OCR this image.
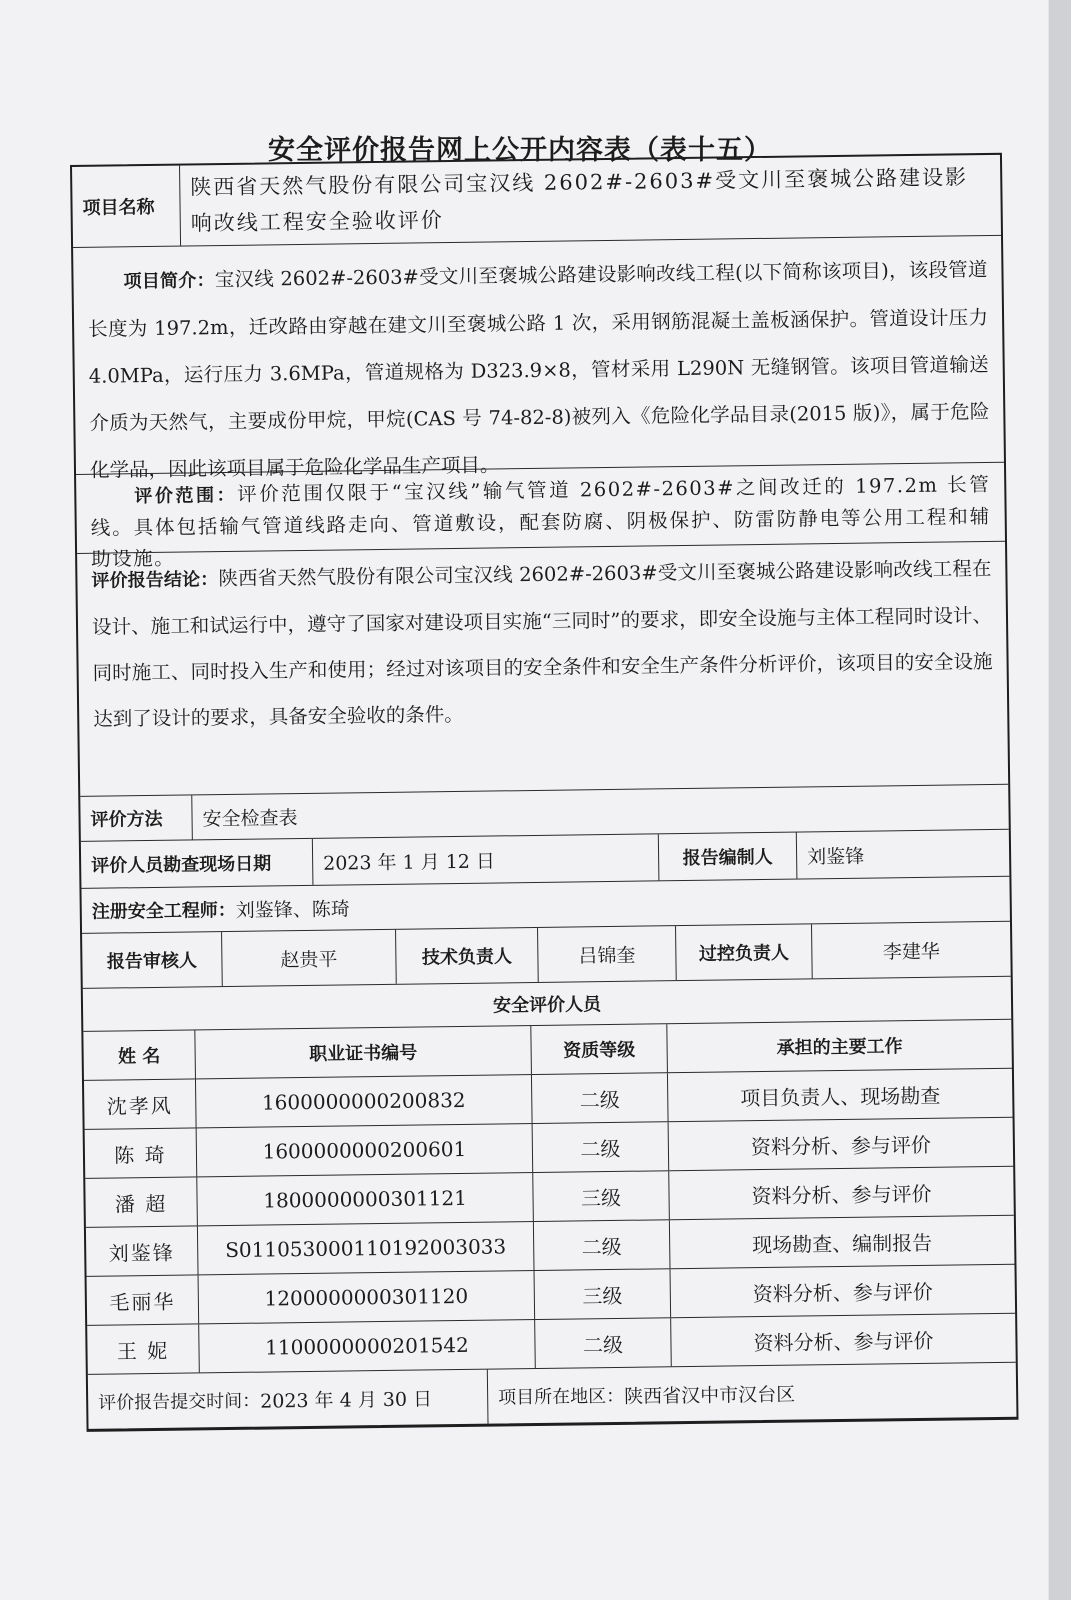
安全评价报告网上公开内容表（表十五）
项目名称
陕西省天然气股份有限公司宝汉线 2602#-2603#受文川至褒城公路建设影响改线工程安全验收评价
项目简介：宝汉线 2602#-2603#受文川至褒城公路建设影响改线工程(以下简称该项目)，该段管道长度为 197.2m，迁改路由穿越在建文川至褒城公路 1 次，采用钢筋混凝土盖板涵保护。管道设计压力 4.0MPa，运行压力 3.6MPa，管道规格为 D323.9×8，管材采用 L290N 无缝钢管。该项目管道输送介质为天然气，主要成份甲烷，甲烷(CAS 号 74-82-8)被列入《危险化学品目录(2015 版)》，属于危险化学品，因此该项目属于危险化学品生产项目。
评价范围：评价范围仅限于“宝汉线”输气管道 2602#-2603#之间改迁的 197.2m 长管线。具体包括输气管道线路走向、管道敷设，配套防腐、阴极保护、防雷防静电等公用工程和辅助设施。
评价报告结论：陕西省天然气股份有限公司宝汉线 2602#-2603#受文川至褒城公路建设影响改线工程在设计、施工和试运行中，遵守了国家对建设项目实施“三同时”的要求，即安全设施与主体工程同时设计、同时施工、同时投入生产和使用；经过对该项目的安全条件和安全生产条件分析评价，该项目的安全设施达到了设计的要求，具备安全验收的条件。
评价方法	安全检查表
评价人员勘查现场日期	2023 年 1 月 12 日	报告编制人	刘鉴锋
注册安全工程师： 刘鉴锋、陈琦
报告审核人	赵贵平	技术负责人	吕锦奎	过控负责人	李建华
安全评价人员
姓 名	职业证书编号	资质等级	承担的主要工作
沈孝风	1600000000200832	二级	项目负责人、现场勘查
陈 琦	1600000000200601	二级	资料分析、参与评价
潘 超	1800000000301121	三级	资料分析、参与评价
刘鉴锋	S011053000110192003033	二级	现场勘查、编制报告
毛丽华	1200000000301120	三级	资料分析、参与评价
王 妮	1100000000201542	二级	资料分析、参与评价
评价报告提交时间： 2023 年 4 月 30 日	项目所在地区： 陕西省汉中市汉台区
